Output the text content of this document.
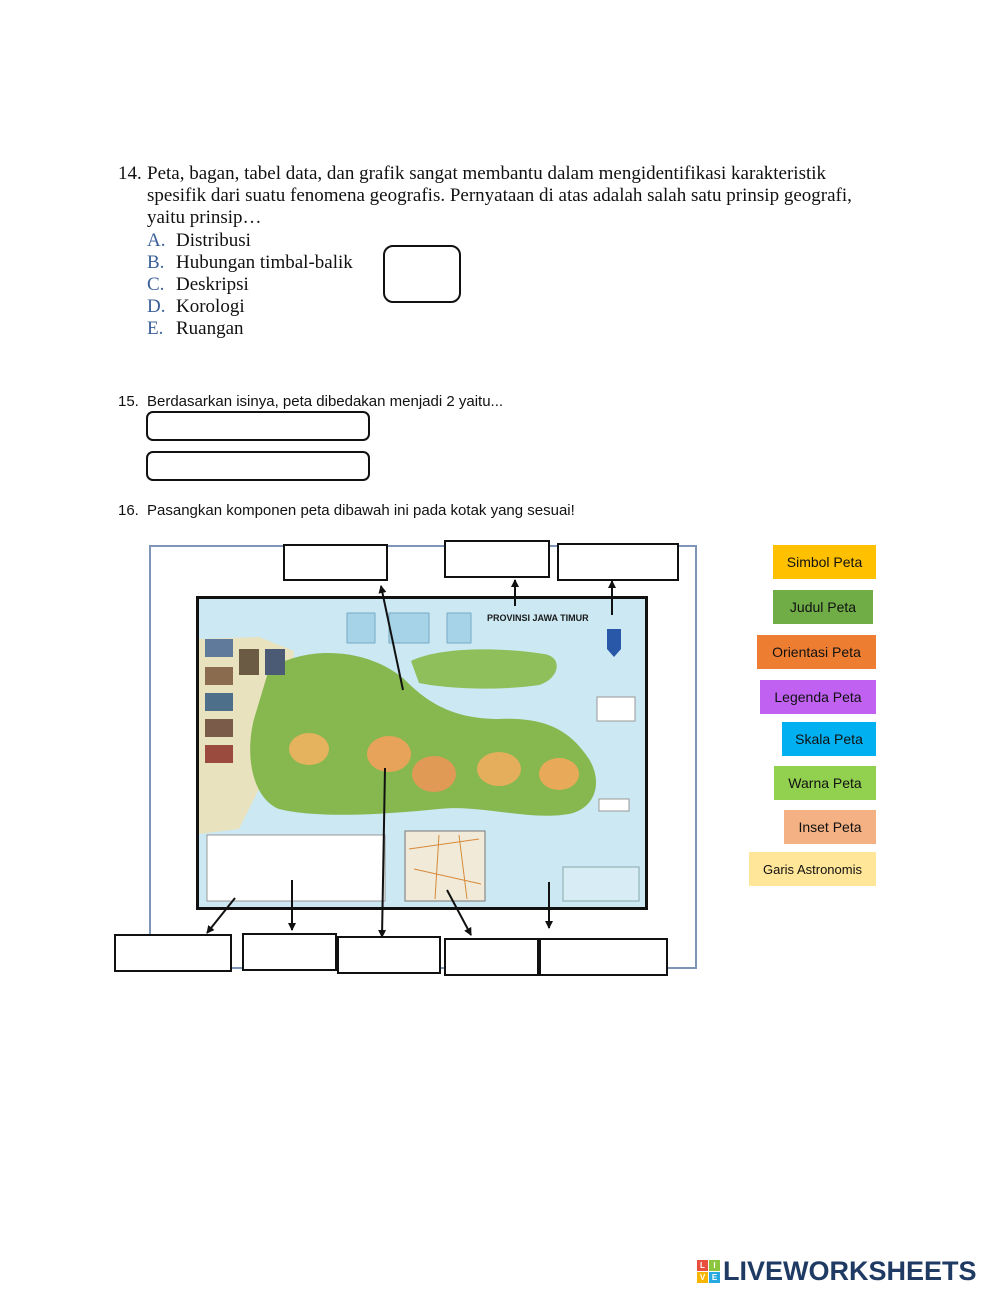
14. Peta, bagan, tabel data, dan grafik sangat membantu dalam mengidentifikasi karakteristik
spesifik dari suatu fenomena geografis. Pernyataan di atas adalah salah satu prinsip geografi,
yaitu prinsip…
A. Distribusi
B. Hubungan timbal-balik
C. Deskripsi
D. Korologi
E. Ruangan
15. Berdasarkan isinya, peta dibedakan menjadi 2 yaitu...
16. Pasangkan komponen peta dibawah ini pada kotak yang sesuai!
PROVINSI JAWA TIMUR
Simbol Peta
Judul Peta
Orientasi Peta
Legenda Peta
Skala Peta
Warna Peta
Inset Peta
Garis Astronomis
L	I
V E LIVEWORKSHEETS
